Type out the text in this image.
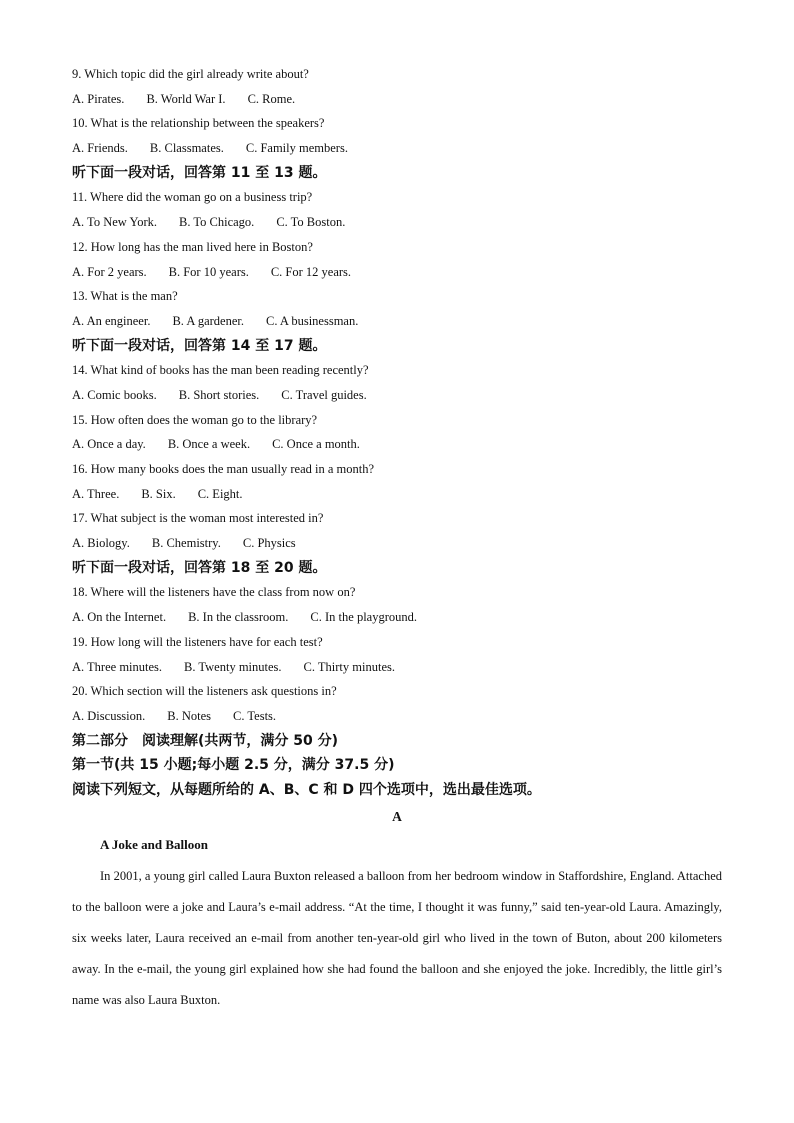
9. Which topic did the girl already write about?
A. Pirates. B. World War I. C. Rome.
10. What is the relationship between the speakers?
A. Friends. B. Classmates. C. Family members.
听下面一段对话，回答第 11 至 13 题。
11. Where did the woman go on a business trip?
A. To New York. B. To Chicago. C. To Boston.
12. How long has the man lived here in Boston?
A. For 2 years. B. For 10 years. C. For 12 years.
13. What is the man?
A. An engineer. B. A gardener. C. A businessman.
听下面一段对话，回答第 14 至 17 题。
14. What kind of books has the man been reading recently?
A. Comic books. B. Short stories. C. Travel guides.
15. How often does the woman go to the library?
A. Once a day. B. Once a week. C. Once a month.
16. How many books does the man usually read in a month?
A. Three. B. Six. C. Eight.
17. What subject is the woman most interested in?
A. Biology. B. Chemistry. C. Physics
听下面一段对话，回答第 18 至 20 题。
18. Where will the listeners have the class from now on?
A. On the Internet. B. In the classroom. C. In the playground.
19. How long will the listeners have for each test?
A. Three minutes. B. Twenty minutes. C. Thirty minutes.
20. Which section will the listeners ask questions in?
A. Discussion. B. Notes C. Tests.
第二部分　阅读理解(共两节，满分 50 分)
第一节(共 15 小题;每小题 2.5 分，满分 37.5 分)
阅读下列短文，从每题所给的 A、B、C 和 D 四个选项中，选出最佳选项。
A
A Joke and Balloon

In 2001, a young girl called Laura Buxton released a balloon from her bedroom window in Staffordshire, England. Attached to the balloon were a joke and Laura’s e-mail address. “At the time, I thought it was funny,” said ten-year-old Laura. Amazingly, six weeks later, Laura received an e-mail from another ten-year-old girl who lived in the town of Buton, about 200 kilometers away. In the e-mail, the young girl explained how she had found the balloon and she enjoyed the joke. Incredibly, the little girl’s name was also Laura Buxton.
